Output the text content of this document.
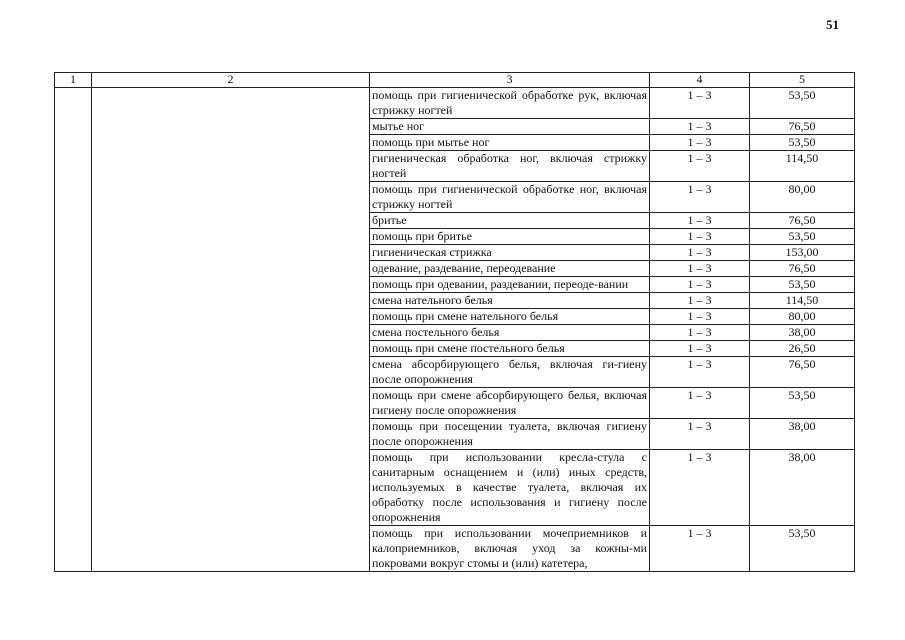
51
1	2	3	4	5
		помощь при гигиенической обработке рук, включая стрижку ногтей	1 – 3	53,50
		мытье ног	1 – 3	76,50
		помощь при мытье ног	1 – 3	53,50
		гигиеническая обработка ног, включая стрижку ногтей	1 – 3	114,50
		помощь при гигиенической обработке ног, включая стрижку ногтей	1 – 3	80,00
		бритье	1 – 3	76,50
		помощь при бритье	1 – 3	53,50
		гигиеническая стрижка	1 – 3	153,00
		одевание, раздевание, переодевание	1 – 3	76,50
		помощь при одевании, раздевании, переоде-вании	1 – 3	53,50
		смена нательного белья	1 – 3	114,50
		помощь при смене нательного белья	1 – 3	80,00
		смена постельного белья	1 – 3	38,00
		помощь при смене постельного белья	1 – 3	26,50
		смена абсорбирующего белья, включая ги-гиену после опорожнения	1 – 3	76,50
		помощь при смене абсорбирующего белья, включая гигиену после опорожнения	1 – 3	53,50
		помощь при посещении туалета, включая гигиену после опорожнения	1 – 3	38,00
		помощь при использовании кресла-стула с санитарным оснащением и (или) иных средств, используемых в качестве туалета, включая их обработку после использования и гигиену после опорожнения	1 – 3	38,00
		помощь при использовании мочеприемников и калоприемников, включая уход за кожны-ми покровами вокруг стомы и (или) катетера,	1 – 3	53,50
